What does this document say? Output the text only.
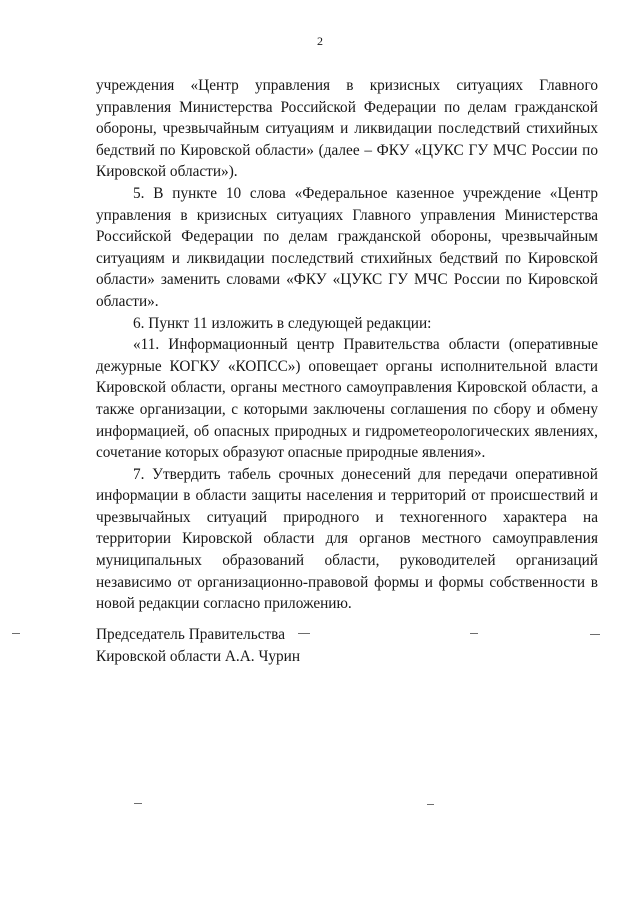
2

учреждения «Центр управления в кризисных ситуациях Главного управления Министерства Российской Федерации по делам гражданской обороны, чрезвычайным ситуациям и ликвидации последствий стихийных бедствий по Кировской области» (далее – ФКУ «ЦУКС ГУ МЧС России по Кировской области»).

5. В пункте 10 слова «Федеральное казенное учреждение «Центр управления в кризисных ситуациях Главного управления Министерства Российской Федерации по делам гражданской обороны, чрезвычайным ситуациям и ликвидации последствий стихийных бедствий по Кировской области» заменить словами «ФКУ «ЦУКС ГУ МЧС России по Кировской области».

6. Пункт 11 изложить в следующей редакции:

«11. Информационный центр Правительства области (оперативные дежурные КОГКУ «КОПСС») оповещает органы исполнительной власти Кировской области, органы местного самоуправления Кировской области, а также организации, с которыми заключены соглашения по сбору и обмену информацией, об опасных природных и гидрометеорологических явлениях, сочетание которых образуют опасные природные явления».

7. Утвердить табель срочных донесений для передачи оперативной информации в области защиты населения и территорий от происшествий и чрезвычайных ситуаций природного и техногенного характера на территории Кировской области для органов местного самоуправления муниципальных образований области, руководителей организаций независимо от организационно-правовой формы и формы собственности в новой редакции согласно приложению.

Председатель Правительства
Кировской области А.А. Чурин
